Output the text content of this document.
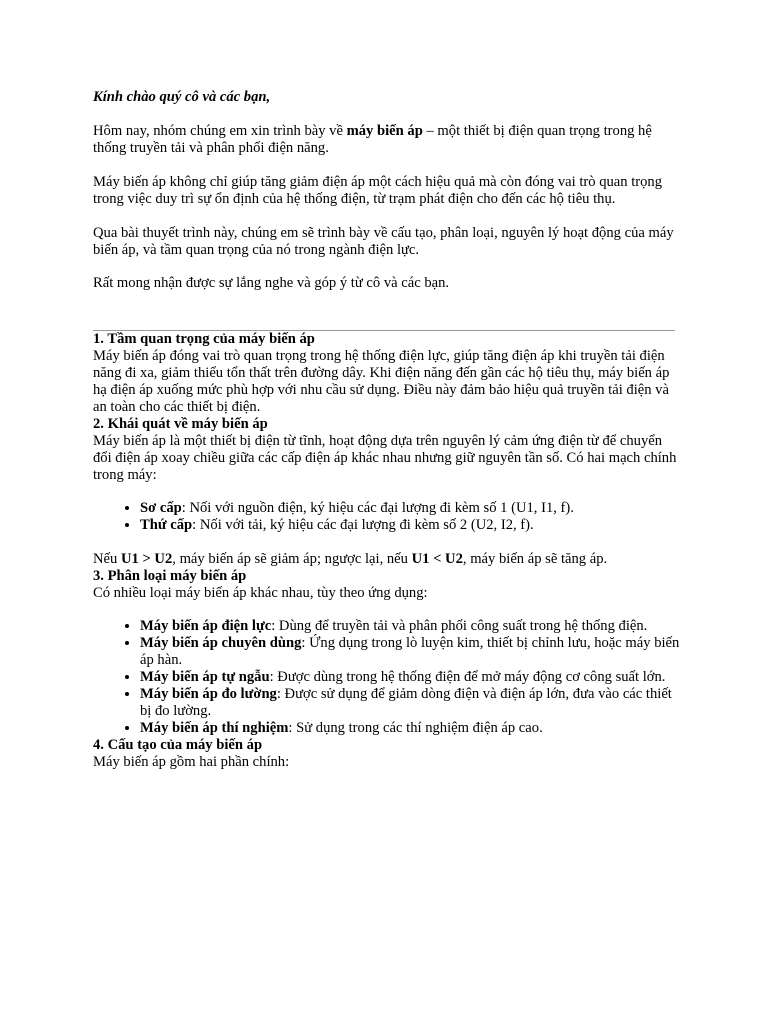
Kính chào quý cô và các bạn,

Hôm nay, nhóm chúng em xin trình bày về máy biến áp – một thiết bị điện quan trọng trong hệ thống truyền tải và phân phối điện năng.

Máy biến áp không chỉ giúp tăng giảm điện áp một cách hiệu quả mà còn đóng vai trò quan trọng trong việc duy trì sự ổn định của hệ thống điện, từ trạm phát điện cho đến các hộ tiêu thụ.

Qua bài thuyết trình này, chúng em sẽ trình bày về cấu tạo, phân loại, nguyên lý hoạt động của máy biến áp, và tầm quan trọng của nó trong ngành điện lực.

Rất mong nhận được sự lắng nghe và góp ý từ cô và các bạn.

1. Tầm quan trọng của máy biến áp

Máy biến áp đóng vai trò quan trọng trong hệ thống điện lực, giúp tăng điện áp khi truyền tải điện năng đi xa, giảm thiểu tổn thất trên đường dây. Khi điện năng đến gần các hộ tiêu thụ, máy biến áp hạ điện áp xuống mức phù hợp với nhu cầu sử dụng. Điều này đảm bảo hiệu quả truyền tải điện và an toàn cho các thiết bị điện.

2. Khái quát về máy biến áp

Máy biến áp là một thiết bị điện từ tĩnh, hoạt động dựa trên nguyên lý cảm ứng điện từ để chuyển đổi điện áp xoay chiều giữa các cấp điện áp khác nhau nhưng giữ nguyên tần số. Có hai mạch chính trong máy:

• Sơ cấp: Nối với nguồn điện, ký hiệu các đại lượng đi kèm số 1 (U1, I1, f).
• Thứ cấp: Nối với tải, ký hiệu các đại lượng đi kèm số 2 (U2, I2, f).

Nếu U1 > U2, máy biến áp sẽ giảm áp; ngược lại, nếu U1 < U2, máy biến áp sẽ tăng áp.

3. Phân loại máy biến áp

Có nhiều loại máy biến áp khác nhau, tùy theo ứng dụng:

• Máy biến áp điện lực: Dùng để truyền tải và phân phối công suất trong hệ thống điện.
• Máy biến áp chuyên dùng: Ứng dụng trong lò luyện kim, thiết bị chỉnh lưu, hoặc máy biến áp hàn.
• Máy biến áp tự ngẫu: Được dùng trong hệ thống điện để mở máy động cơ công suất lớn.
• Máy biến áp đo lường: Được sử dụng để giảm dòng điện và điện áp lớn, đưa vào các thiết bị đo lường.
• Máy biến áp thí nghiệm: Sử dụng trong các thí nghiệm điện áp cao.
4. Cấu tạo của máy biến áp

Máy biến áp gồm hai phần chính:
